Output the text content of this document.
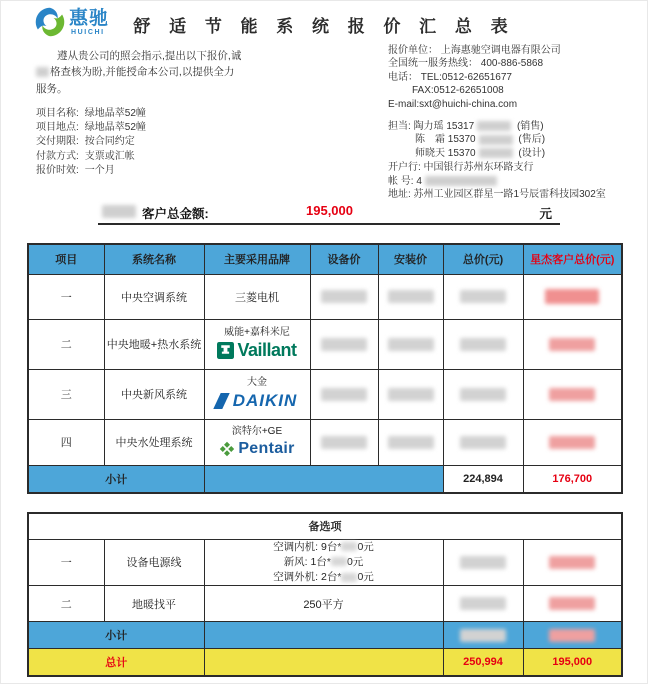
惠驰
HUICHI	舒 适 节 能 系 统 报 价 汇 总 表
遵从贵公司的照会指示,提出以下报价,诚
格查核为盼,并能授命本公司,以提供全力
服务。
项目名称: 绿地晶萃52幢
项目地点: 绿地晶萃52幢
交付期限: 按合同约定
付款方式: 支票或汇帐
报价时效: 一个月
报价单位： 上海惠驰空调电器有限公司
全国统一服务热线： 400-886-5868
电话： TEL:0512-62651677
FAX:0512-62651008
E-mail:sxt@huichi-china.com
担当: 陶力瑶 15317	(销售)
陈　霜 15370	(售后)
师晓天 15370	(设计)
开户行: 中国银行苏州东环路支行
帐 号: 4
地址: 苏州工业园区群星一路1号辰雷科技园302室
客户总金额:	195,000	元
项目	系统名称	主要采用品牌	设备价	安装价	总价(元)	星杰客户总价(元)
一	中央空调系统	三菱电机				
二	中央地暖+热水系统	威能+嘉科米尼
Vaillant				

三	中央新风系统	大金
DAIKIN				

四	中央水处理系统	滨特尔+GE
Pentair				

小计					224,894	176,700
备选项				
一	设备电源线	空调内机: 9台* 0元
新风: 1台* 0元
空调外机: 2台* 0元		

二	地暖找平	250平方		
小计				
总计			250,994	195,000
